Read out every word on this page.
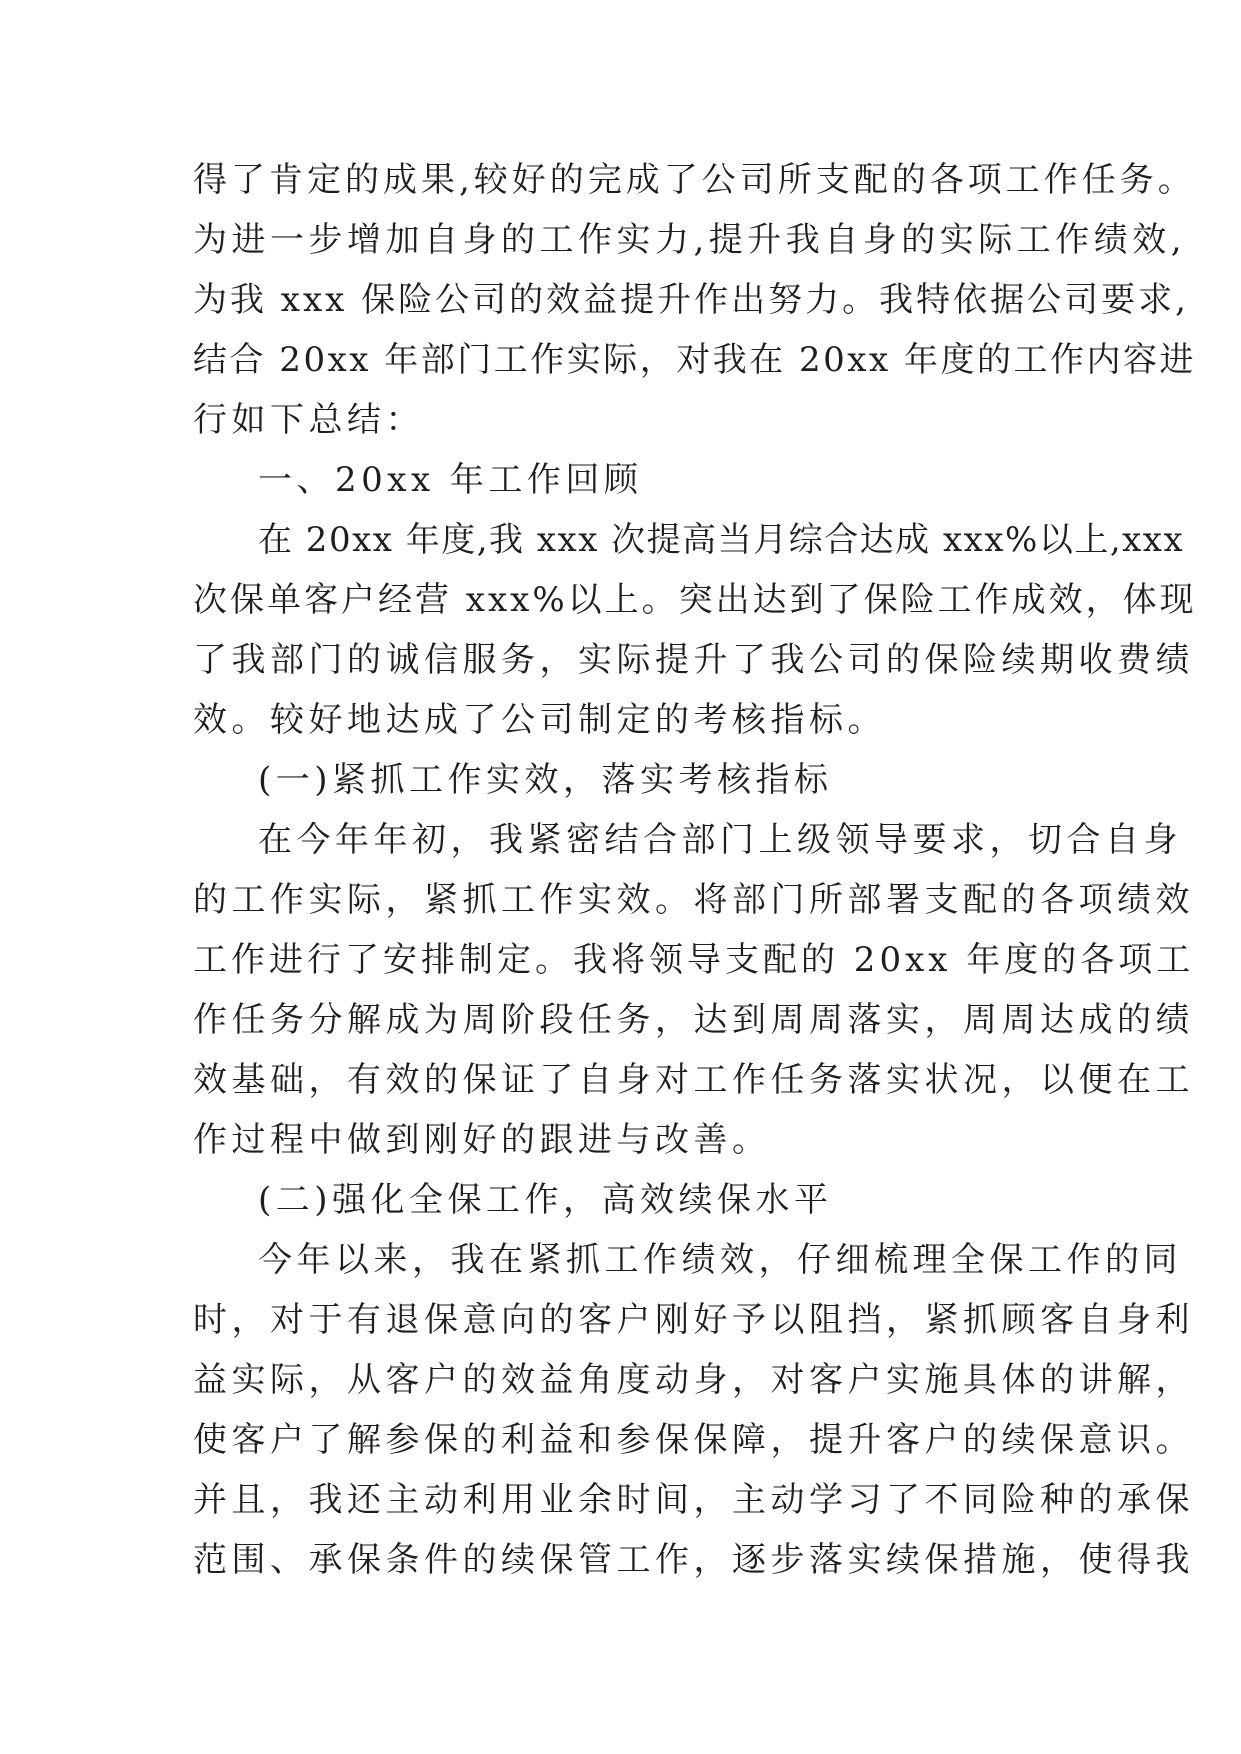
得了肯定的成果,较好的完成了公司所支配的各项工作任务。
为进一步增加自身的工作实力,提升我自身的实际工作绩效,
为我 xxx 保险公司的效益提升作出努力。我特依据公司要求,
结合 20xx 年部门工作实际，对我在 20xx 年度的工作内容进
行如下总结：
一、20xx 年工作回顾
在 20xx 年度,我 xxx 次提高当月综合达成 xxx%以上,xxx
次保单客户经营 xxx%以上。突出达到了保险工作成效，体现
了我部门的诚信服务，实际提升了我公司的保险续期收费绩
效。较好地达成了公司制定的考核指标。
(一)紧抓工作实效，落实考核指标
在今年年初，我紧密结合部门上级领导要求，切合自身
的工作实际，紧抓工作实效。将部门所部署支配的各项绩效
工作进行了安排制定。我将领导支配的 20xx 年度的各项工
作任务分解成为周阶段任务，达到周周落实，周周达成的绩
效基础，有效的保证了自身对工作任务落实状况，以便在工
作过程中做到刚好的跟进与改善。
(二)强化全保工作，高效续保水平
今年以来，我在紧抓工作绩效，仔细梳理全保工作的同
时，对于有退保意向的客户刚好予以阻挡，紧抓顾客自身利
益实际，从客户的效益角度动身，对客户实施具体的讲解，
使客户了解参保的利益和参保保障，提升客户的续保意识。
并且，我还主动利用业余时间，主动学习了不同险种的承保
范围、承保条件的续保管工作，逐步落实续保措施，使得我
